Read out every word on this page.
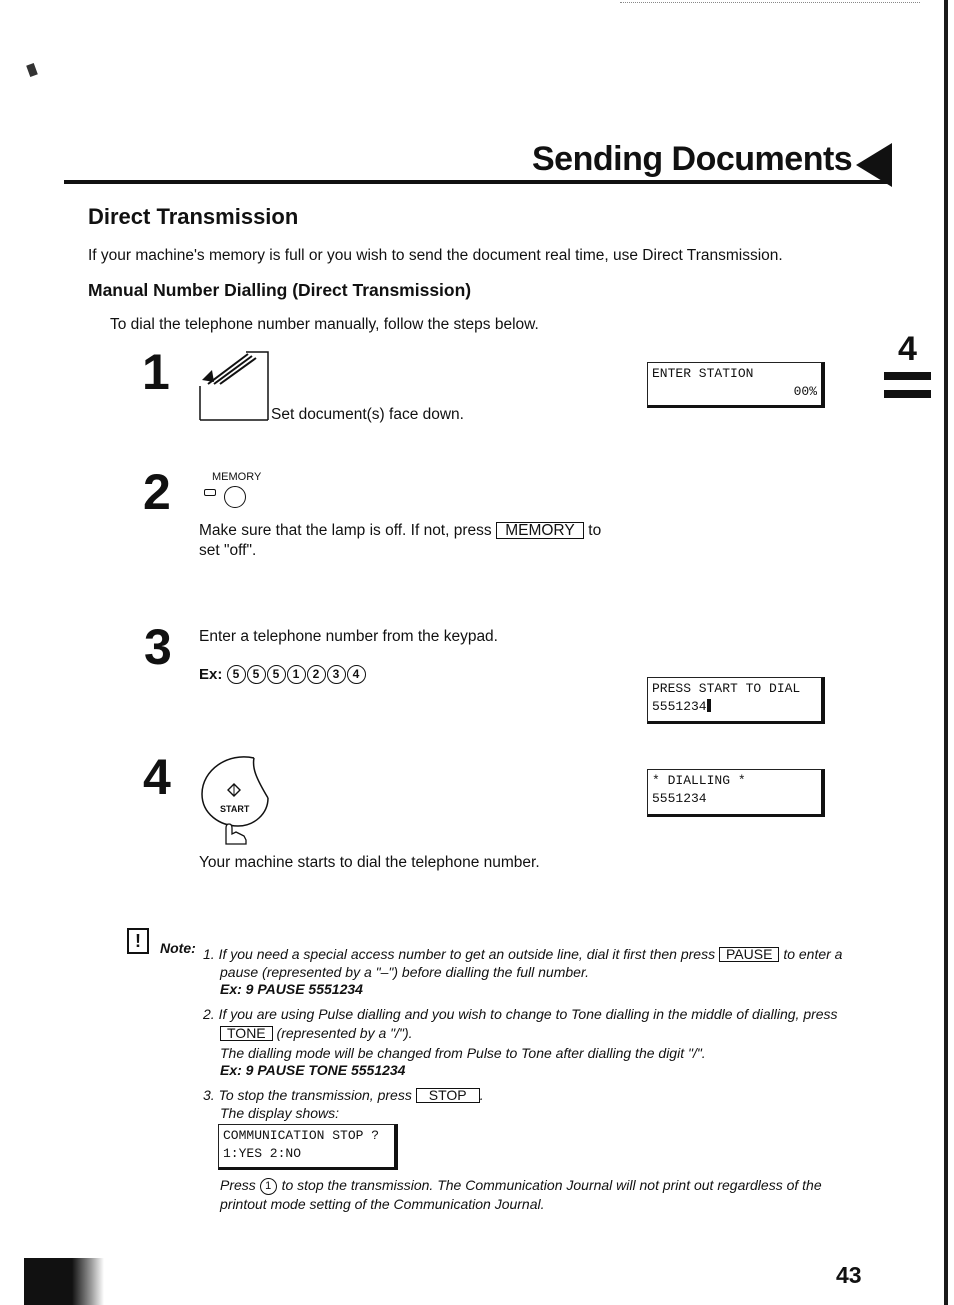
Sending Documents
4
Direct Transmission
If your machine's memory is full or you wish to send the document real time, use Direct Transmission.
Manual Number Dialling (Direct Transmission)
To dial the telephone number manually, follow the steps below.
1
Set document(s) face down.
ENTER STATION
00%
2	MEMORY
Make sure that the lamp is off. If not, press MEMORY to
set "off".
3 Enter a telephone number from the keypad.
Ex: 5 5 5 1 2 3 4
PRESS START TO DIAL
5551234
4
START
Your machine starts to dial the telephone number.
* DIALLING *
5551234
!	Note: 1. If you need a special access number to get an outside line, dial it first then press PAUSE to enter a
pause (represented by a "–") before dialling the full number.
Ex: 9 PAUSE 5551234
2. If you are using Pulse dialling and you wish to change to Tone dialling in the middle of dialling, press
TONE (represented by a "/").
The dialling mode will be changed from Pulse to Tone after dialling the digit "/".
Ex: 9 PAUSE TONE 5551234
3. To stop the transmission, press STOP .
The display shows:
COMMUNICATION STOP ?
1:YES 2:NO
Press 1 to stop the transmission. The Communication Journal will not print out regardless of the
printout mode setting of the Communication Journal.
43
